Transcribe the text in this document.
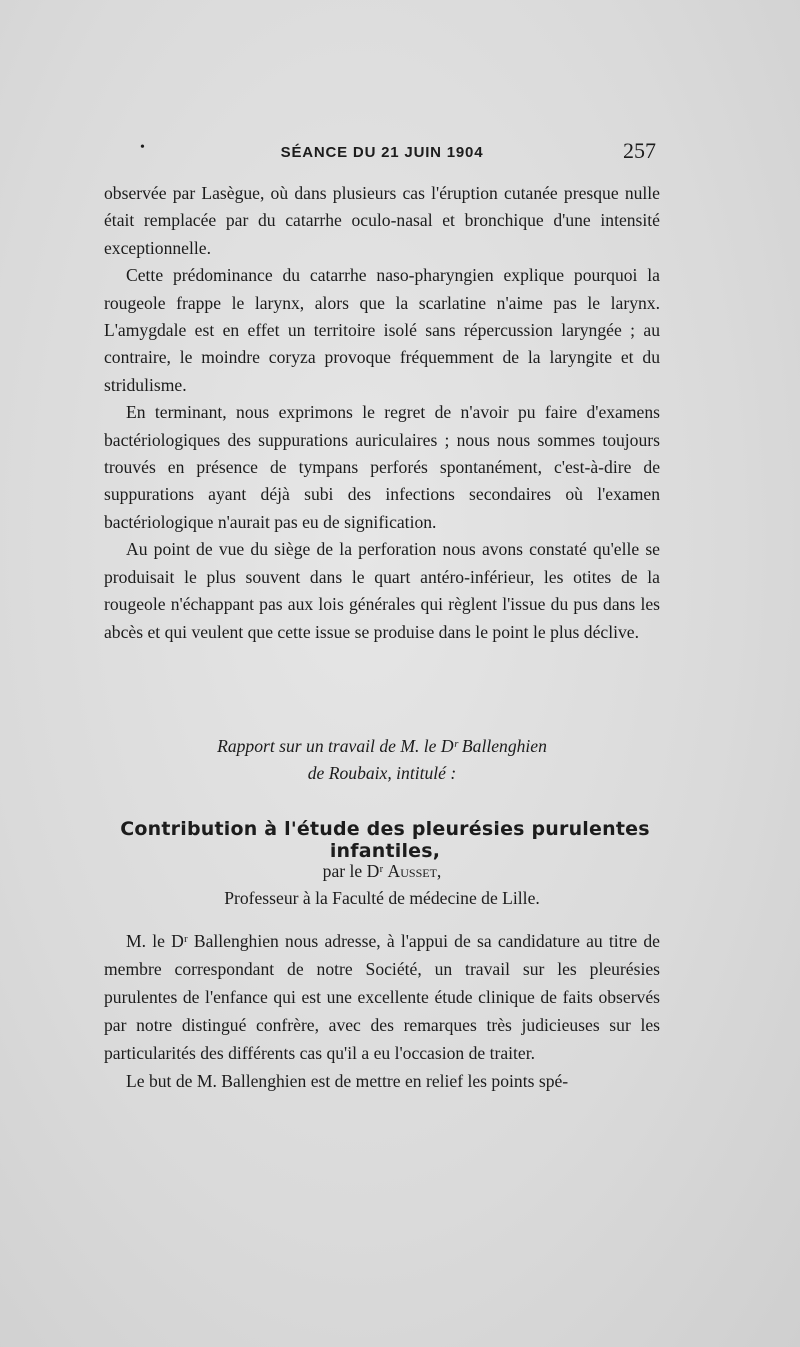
•	SÉANCE DU 21 JUIN 1904	257

observée par Lasègue, où dans plusieurs cas l'éruption cutanée presque nulle était remplacée par du catarrhe oculo-nasal et bronchique d'une intensité exceptionnelle.

Cette prédominance du catarrhe naso-pharyngien explique pourquoi la rougeole frappe le larynx, alors que la scarlatine n'aime pas le larynx. L'amygdale est en effet un territoire isolé sans répercussion laryngée ; au contraire, le moindre coryza provoque fréquemment de la laryngite et du stridulisme.

En terminant, nous exprimons le regret de n'avoir pu faire d'examens bactériologiques des suppurations auriculaires ; nous nous sommes toujours trouvés en présence de tympans perforés spontanément, c'est-à-dire de suppurations ayant déjà subi des infections secondaires où l'examen bactériologique n'aurait pas eu de signification.

Au point de vue du siège de la perforation nous avons constaté qu'elle se produisait le plus souvent dans le quart antéro-inférieur, les otites de la rougeole n'échappant pas aux lois générales qui règlent l'issue du pus dans les abcès et qui veulent que cette issue se produise dans le point le plus déclive.

Rapport sur un travail de M. le Dʳ Ballenghien
de Roubaix, intitulé :
Contribution à l'étude des pleurésies purulentes infantiles,
par le Dʳ Ausset,
Professeur à la Faculté de médecine de Lille.

M. le Dʳ Ballenghien nous adresse, à l'appui de sa candidature au titre de membre correspondant de notre Société, un travail sur les pleurésies purulentes de l'enfance qui est une excellente étude clinique de faits observés par notre distingué confrère, avec des remarques très judicieuses sur les particularités des différents cas qu'il a eu l'occasion de traiter.

Le but de M. Ballenghien est de mettre en relief les points spé-
